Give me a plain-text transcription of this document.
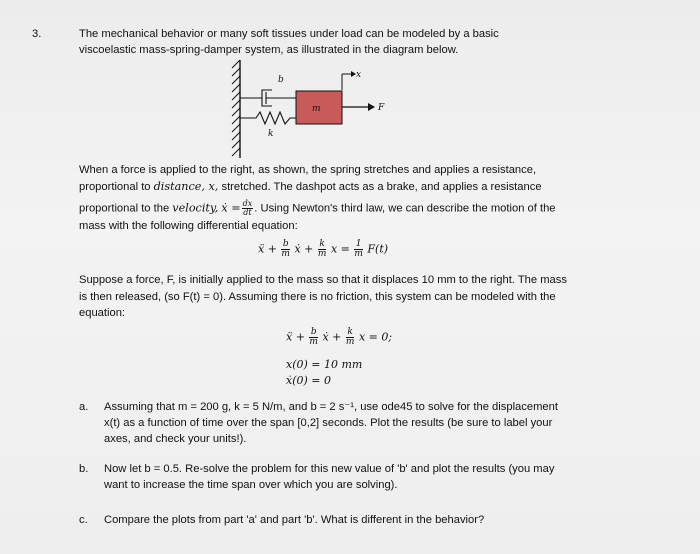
3.	The mechanical behavior or many soft tissues under load can be modeled by a basic
viscoelastic mass-spring-damper system, as illustrated in the diagram below.
b
m
k
x
F
When a force is applied to the right, as shown, the spring stretches and applies a resistance,
proportional to distance, x, stretched. The dashpot acts as a brake, and applies a resistance
proportional to the velocity, ẋ = $\frac{dx}{dt}$ . Using Newton's third law, we can describe the motion of the
mass with the following differential equation:
ẍ + $\frac{b}{m}$ ẋ + $\frac{k}{m}$ $x = \frac{1}{m} F(t)$
Suppose a force, F, is initially applied to the mass so that it displaces 10 mm to the right. The mass
is then released, (so F(t) = 0). Assuming there is no friction, this system can be modeled with the
equation:
ẍ + $\frac{b}{m}$ ẋ + $\frac{k}{m}$ x = 0;
x(0) = 10 mm
ẋ(0) = 0
a. Assuming that m = 200 g, k = 5 N/m, and b = 2 s⁻¹, use ode45 to solve for the displacement
x(t) as a function of time over the span [0,2] seconds. Plot the results (be sure to label your
axes, and check your units!).
b. Now let b = 0.5. Re-solve the problem for this new value of 'b' and plot the results (you may
want to increase the time span over which you are solving).
c. Compare the plots from part 'a' and part 'b'. What is different in the behavior?
